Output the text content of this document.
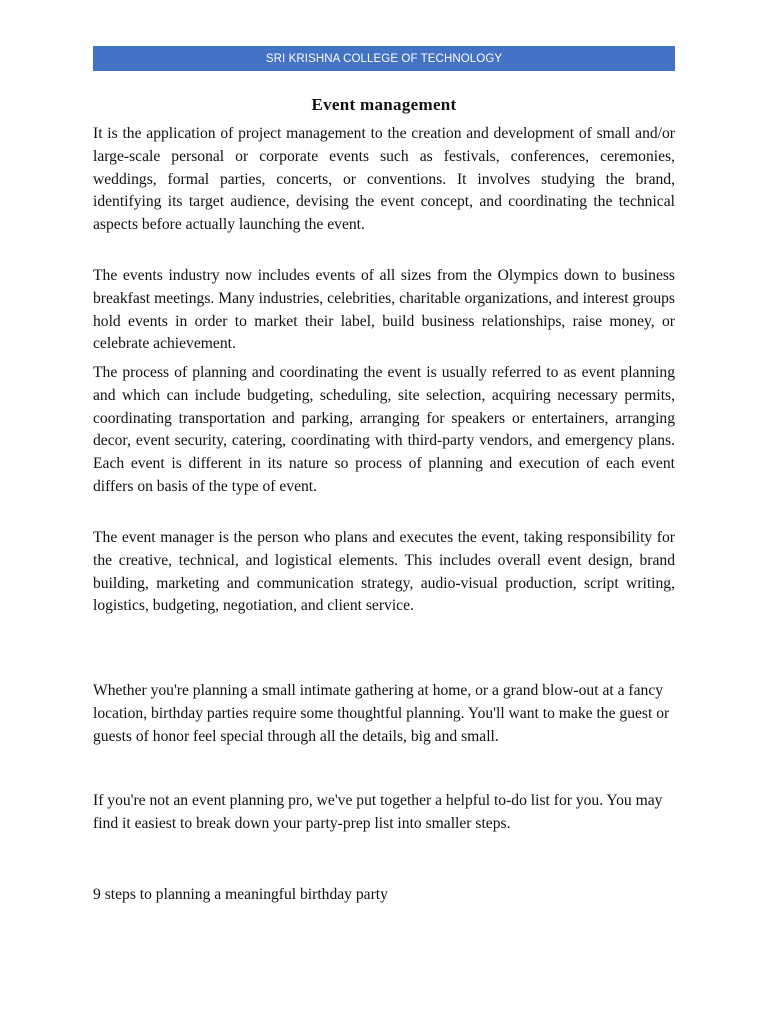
SRI KRISHNA COLLEGE OF TECHNOLOGY
Event management

It is the application of project management to the creation and development of small and/or large-scale personal or corporate events such as festivals, conferences, ceremonies, weddings, formal parties, concerts, or conventions. It involves studying the brand, identifying its target audience, devising the event concept, and coordinating the technical aspects before actually launching the event.

The events industry now includes events of all sizes from the Olympics down to business breakfast meetings. Many industries, celebrities, charitable organizations, and interest groups hold events in order to market their label, build business relationships, raise money, or celebrate achievement.

The process of planning and coordinating the event is usually referred to as event planning and which can include budgeting, scheduling, site selection, acquiring necessary permits, coordinating transportation and parking, arranging for speakers or entertainers, arranging decor, event security, catering, coordinating with third-party vendors, and emergency plans. Each event is different in its nature so process of planning and execution of each event differs on basis of the type of event.

The event manager is the person who plans and executes the event, taking responsibility for the creative, technical, and logistical elements. This includes overall event design, brand building, marketing and communication strategy, audio-visual production, script writing, logistics, budgeting, negotiation, and client service.

Whether you're planning a small intimate gathering at home, or a grand blow-out at a fancy location, birthday parties require some thoughtful planning. You'll want to make the guest or guests of honor feel special through all the details, big and small.

If you're not an event planning pro, we've put together a helpful to-do list for you. You may find it easiest to break down your party-prep list into smaller steps.

9 steps to planning a meaningful birthday party
